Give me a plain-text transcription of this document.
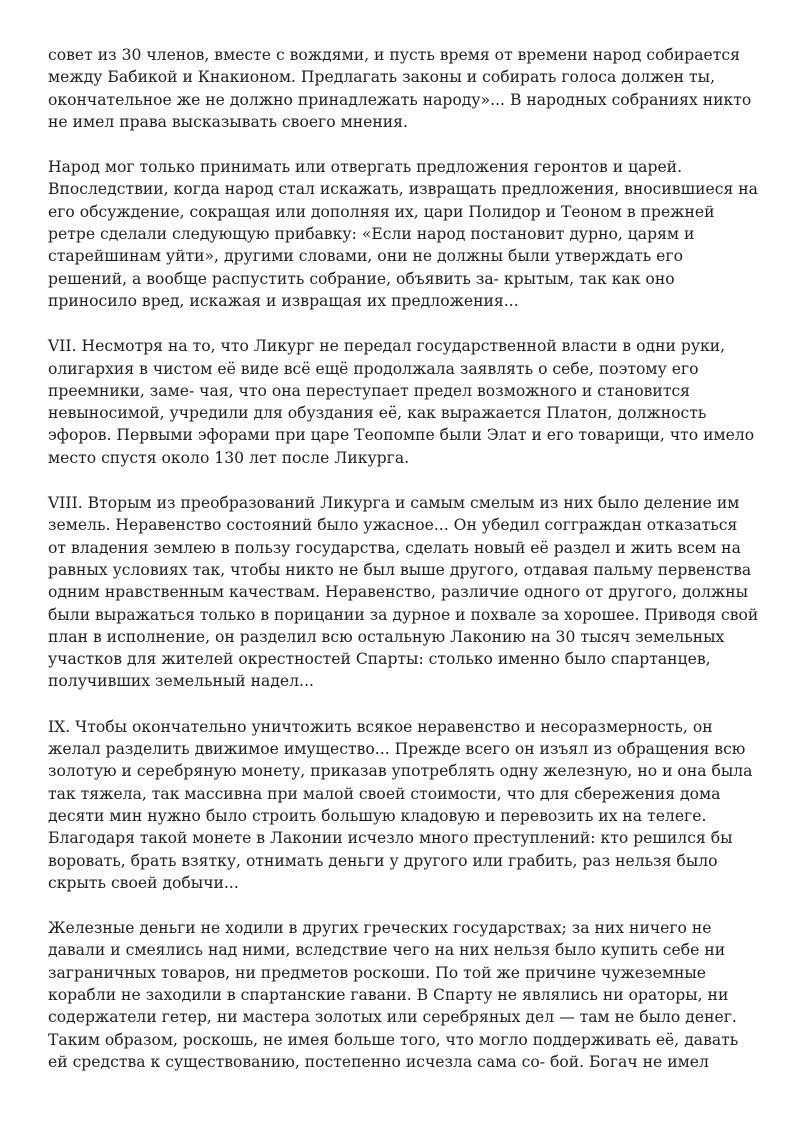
совет из 30 членов, вместе с вождями, и пусть время от времени народ собирается между Бабикой и Кнакионом. Предлагать законы и собирать голоса должен ты, окончательное же не должно принадлежать народу»... В народных собраниях никто не имел права высказывать своего мнения.

Народ мог только принимать или отвергать предложения геронтов и царей. Впоследствии, когда народ стал искажать, извращать предложения, вносившиеся на его обсуждение, сокращая или дополняя их, цари Полидор и Теоном в прежней ретре сделали следующую прибавку: «Если народ постановит дурно, царям и старейшинам уйти», другими словами, они не должны были утверждать его решений, а вообще распустить собрание, объявить за- крытым, так как оно приносило вред, искажая и извращая их предложения...

VII. Несмотря на то, что Ликург не передал государственной власти в одни руки, олигархия в чистом её виде всё ещё продолжала заявлять о себе, поэтому его преемники, заме- чая, что она переступает предел возможного и становится невыносимой, учредили для обуздания её, как выражается Платон, должность эфоров. Первыми эфорами при царе Теопомпе были Элат и его товарищи, что имело место спустя около 130 лет после Ликурга.

VIII. Вторым из преобразований Ликурга и самым смелым из них было деление им земель. Неравенство состояний было ужасное... Он убедил согграждан отказаться от владения землею в пользу государства, сделать новый её раздел и жить всем на равных условиях так, чтобы никто не был выше другого, отдавая пальму первенства одним нравственным качествам. Неравенство, различие одного от другого, должны были выражаться только в порицании за дурное и похвале за хорошее. Приводя свой план в исполнение, он разделил всю остальную Лаконию на 30 тысяч земельных участков для жителей окрестностей Спарты: столько именно было спартанцев, получивших земельный надел...

IX. Чтобы окончательно уничтожить всякое неравенство и несоразмерность, он желал разделить движимое имущество... Прежде всего он изъял из обращения всю золотую и серебряную монету, приказав употреблять одну железную, но и она была так тяжела, так массивна при малой своей стоимости, что для сбережения дома десяти мин нужно было строить большую кладовую и перевозить их на телеге. Благодаря такой монете в Лаконии исчезло много преступлений: кто решился бы воровать, брать взятку, отнимать деньги у другого или грабить, раз нельзя было скрыть своей добычи...

Железные деньги не ходили в других греческих государствах; за них ничего не давали и смеялись над ними, вследствие чего на них нельзя было купить себе ни заграничных товаров, ни предметов роскоши. По той же причине чужеземные корабли не заходили в спартанские гавани. В Спарту не являлись ни ораторы, ни содержатели гетер, ни мастера золотых или серебряных дел — там не было денег. Таким образом, роскошь, не имея больше того, что могло поддерживать её, давать ей средства к существованию, постепенно исчезла сама со- бой. Богач не имел
